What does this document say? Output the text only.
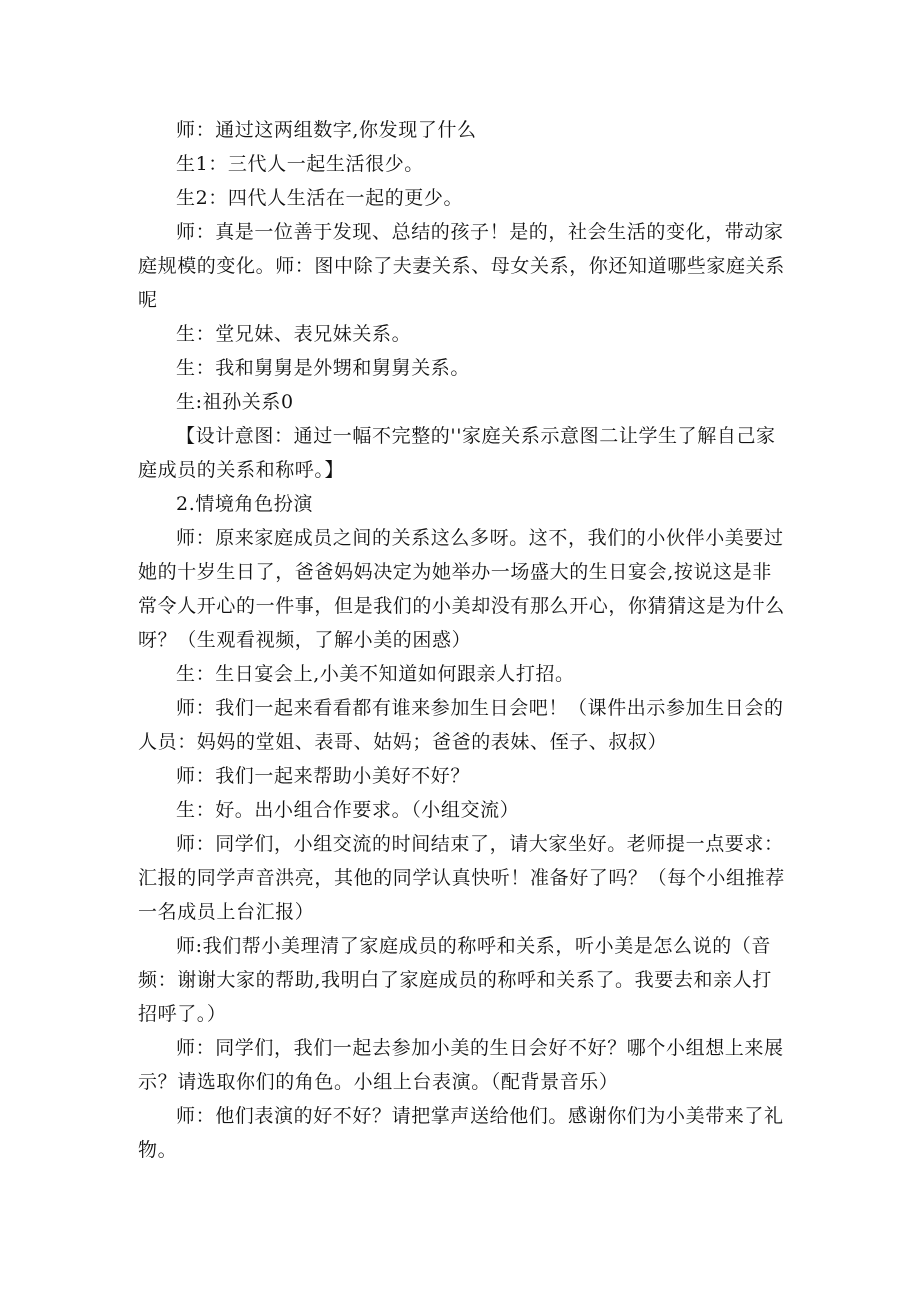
师：通过这两组数字,你发现了什么

生1：三代人一起生活很少。

生2：四代人生活在一起的更少。

师：真是一位善于发现、总结的孩子！是的，社会生活的变化，带动家庭规模的变化。师：图中除了夫妻关系、母女关系，你还知道哪些家庭关系呢

生：堂兄妹、表兄妹关系。

生：我和舅舅是外甥和舅舅关系。

生:祖孙关系0

【设计意图：通过一幅不完整的''家庭关系示意图二让学生了解自己家庭成员的关系和称呼。】

2.情境角色扮演

师：原来家庭成员之间的关系这么多呀。这不，我们的小伙伴小美要过她的十岁生日了，爸爸妈妈决定为她举办一场盛大的生日宴会,按说这是非常令人开心的一件事，但是我们的小美却没有那么开心，你猜猜这是为什么呀？（生观看视频，了解小美的困惑）

生：生日宴会上,小美不知道如何跟亲人打招。

师：我们一起来看看都有谁来参加生日会吧！（课件出示参加生日会的人员：妈妈的堂姐、表哥、姑妈；爸爸的表妹、侄子、叔叔）

师：我们一起来帮助小美好不好？

生：好。出小组合作要求。（小组交流）

师：同学们，小组交流的时间结束了，请大家坐好。老师提一点要求：汇报的同学声音洪亮，其他的同学认真快听！准备好了吗？（每个小组推荐一名成员上台汇报）

师:我们帮小美理清了家庭成员的称呼和关系，听小美是怎么说的（音频：谢谢大家的帮助,我明白了家庭成员的称呼和关系了。我要去和亲人打招呼了。）

师：同学们，我们一起去参加小美的生日会好不好？哪个小组想上来展示？请选取你们的角色。小组上台表演。（配背景音乐）

师：他们表演的好不好？请把掌声送给他们。感谢你们为小美带来了礼物。
